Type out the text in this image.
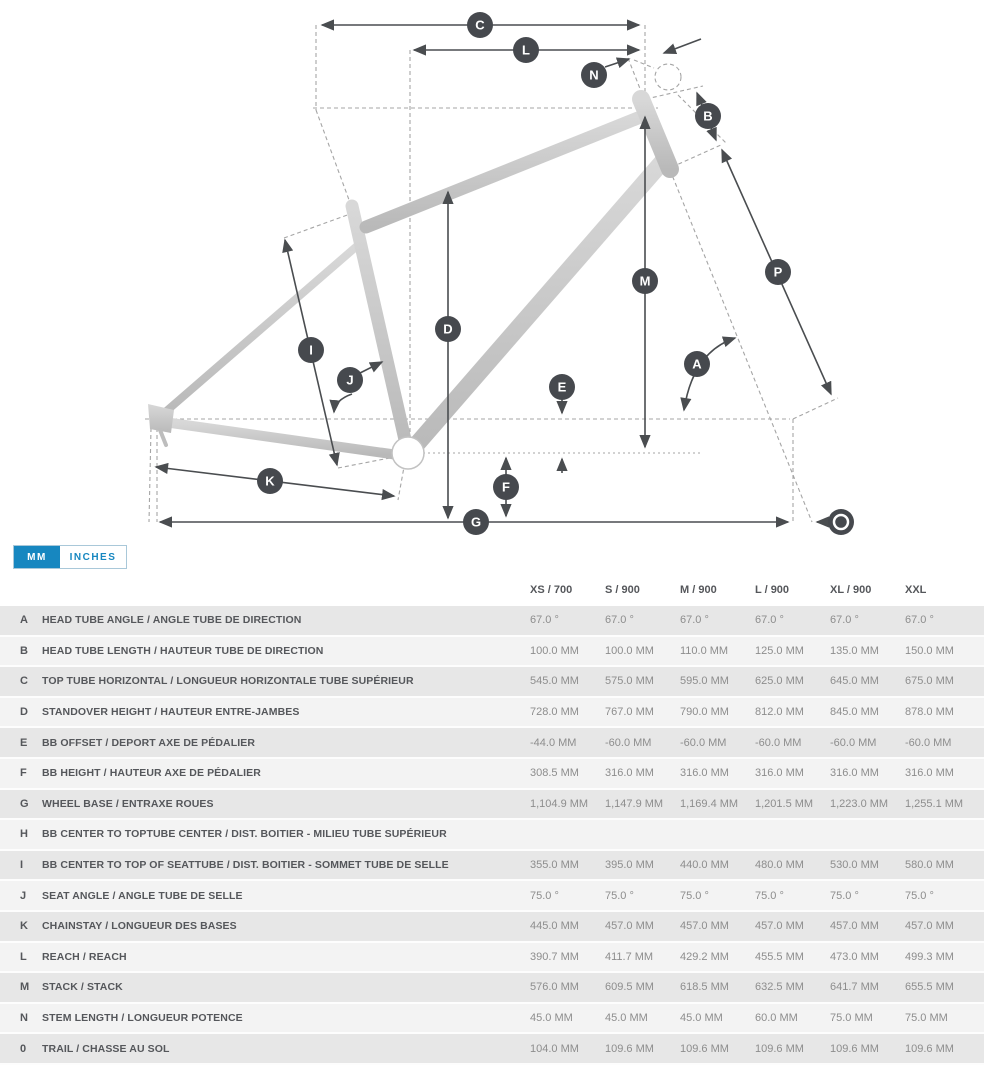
C
L
N
B
P
M
D
I
J
A
E
F
K
G
MM	INCHES
XS / 700	S / 900	M / 900	L / 900	XL / 900	XXL
A	HEAD TUBE ANGLE / ANGLE TUBE DE DIRECTION	67.0 °	67.0 °	67.0 °	67.0 °	67.0 °	67.0 °
B	HEAD TUBE LENGTH / HAUTEUR TUBE DE DIRECTION	100.0 MM	100.0 MM	110.0 MM	125.0 MM	135.0 MM	150.0 MM
C	TOP TUBE HORIZONTAL / LONGUEUR HORIZONTALE TUBE SUPÉRIEUR	545.0 MM	575.0 MM	595.0 MM	625.0 MM	645.0 MM	675.0 MM
D	STANDOVER HEIGHT / HAUTEUR ENTRE-JAMBES	728.0 MM	767.0 MM	790.0 MM	812.0 MM	845.0 MM	878.0 MM
E	BB OFFSET / DEPORT AXE DE PÉDALIER	-44.0 MM	-60.0 MM	-60.0 MM	-60.0 MM	-60.0 MM	-60.0 MM
F	BB HEIGHT / HAUTEUR AXE DE PÉDALIER	308.5 MM	316.0 MM	316.0 MM	316.0 MM	316.0 MM	316.0 MM
G	WHEEL BASE / ENTRAXE ROUES	1,104.9 MM	1,147.9 MM	1,169.4 MM	1,201.5 MM	1,223.0 MM	1,255.1 MM
H	BB CENTER TO TOPTUBE CENTER / DIST. BOITIER - MILIEU TUBE SUPÉRIEUR
I	BB CENTER TO TOP OF SEATTUBE / DIST. BOITIER - SOMMET TUBE DE SELLE	355.0 MM	395.0 MM	440.0 MM	480.0 MM	530.0 MM	580.0 MM
J	SEAT ANGLE / ANGLE TUBE DE SELLE	75.0 °	75.0 °	75.0 °	75.0 °	75.0 °	75.0 °
K	CHAINSTAY / LONGUEUR DES BASES	445.0 MM	457.0 MM	457.0 MM	457.0 MM	457.0 MM	457.0 MM
L	REACH / REACH	390.7 MM	411.7 MM	429.2 MM	455.5 MM	473.0 MM	499.3 MM
M	STACK / STACK	576.0 MM	609.5 MM	618.5 MM	632.5 MM	641.7 MM	655.5 MM
N	STEM LENGTH / LONGUEUR POTENCE	45.0 MM	45.0 MM	45.0 MM	60.0 MM	75.0 MM	75.0 MM
0	TRAIL / CHASSE AU SOL	104.0 MM	109.6 MM	109.6 MM	109.6 MM	109.6 MM	109.6 MM
